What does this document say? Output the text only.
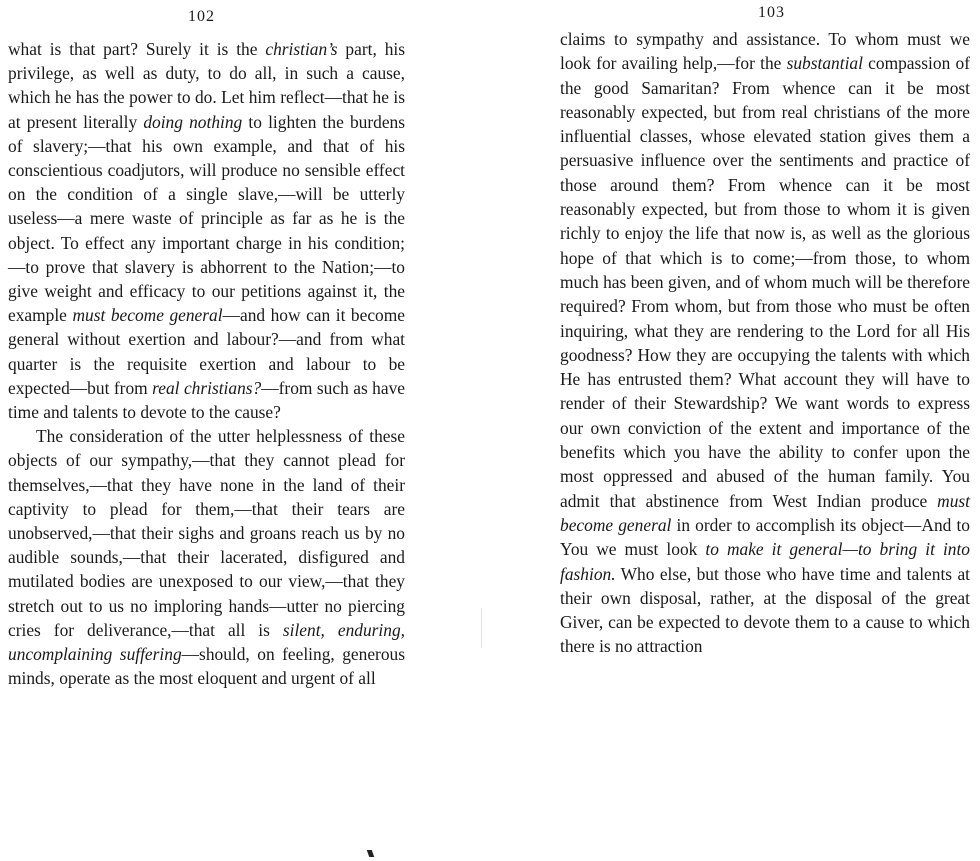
102

what is that part? Surely it is the christian’s part, his privilege, as well as duty, to do all, in such a cause, which he has the power to do. Let him reflect—that he is at present literally doing nothing to lighten the burdens of slavery;—that his own example, and that of his conscientious coadjutors, will produce no sensible effect on the condition of a single slave,—will be utterly useless—a mere waste of principle as far as he is the object. To effect any important charge in his condition;—to prove that slavery is abhorrent to the Nation;—to give weight and efficacy to our petitions against it, the example must become general—and how can it become general without exertion and labour?—and from what quarter is the requisite exertion and labour to be expected—but from real christians?—from such as have time and talents to devote to the cause?

The consideration of the utter helplessness of these objects of our sympathy,—that they cannot plead for themselves,—that they have none in the land of their captivity to plead for them,—that their tears are unobserved,—that their sighs and groans reach us by no audible sounds,—that their lacerated, disfigured and mutilated bodies are unexposed to our view,—that they stretch out to us no imploring hands—utter no piercing cries for deliverance,—that all is silent, enduring, uncomplaining suffering—should, on feeling, generous minds, operate as the most eloquent and urgent of all

103

claims to sympathy and assistance. To whom must we look for availing help,—for the substantial compassion of the good Samaritan? From whence can it be most reasonably expected, but from real christians of the more influential classes, whose elevated station gives them a persuasive influence over the sentiments and practice of those around them? From whence can it be most reasonably expected, but from those to whom it is given richly to enjoy the life that now is, as well as the glorious hope of that which is to come;—from those, to whom much has been given, and of whom much will be therefore required? From whom, but from those who must be often inquiring, what they are rendering to the Lord for all His goodness? How they are occupying the talents with which He has entrusted them? What account they will have to render of their Stewardship? We want words to express our own conviction of the extent and importance of the benefits which you have the ability to confer upon the most oppressed and abused of the human family. You admit that abstinence from West Indian produce must become general in order to accomplish its object—And to You we must look to make it general—to bring it into fashion. Who else, but those who have time and talents at their own disposal, rather, at the disposal of the great Giver, can be expected to devote them to a cause to which there is no attraction
